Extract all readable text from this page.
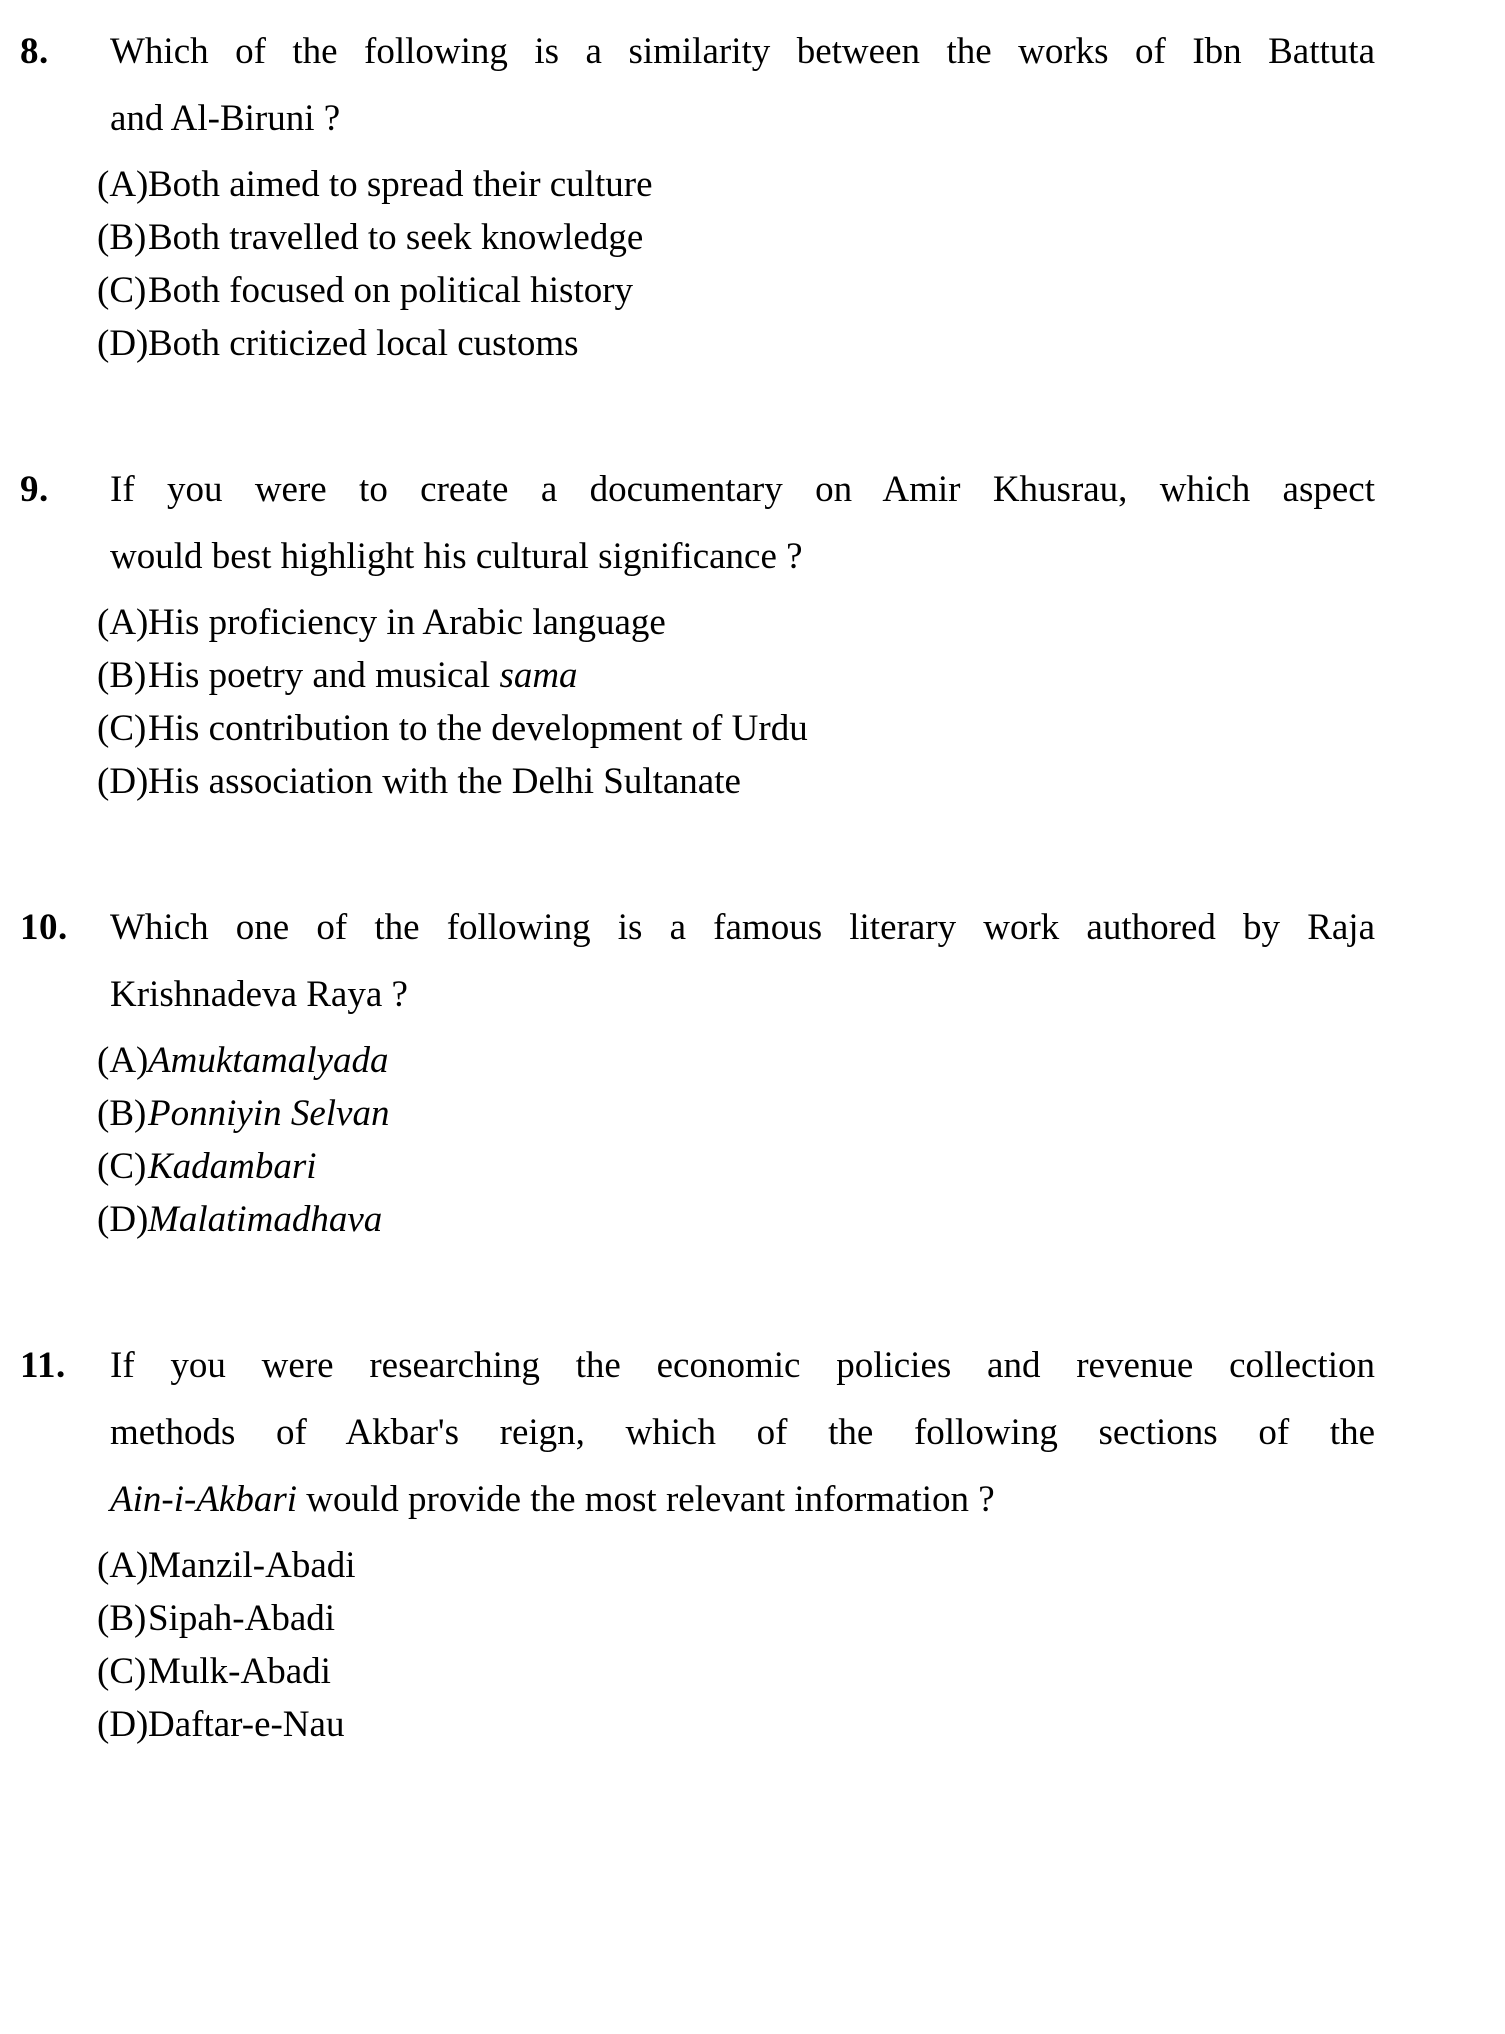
8.	Which of the following is a similarity between the works of Ibn Battuta
and Al-Biruni ?
(A) Both aimed to spread their culture
(B) Both travelled to seek knowledge
(C) Both focused on political history
(D) Both criticized local customs
9.	If you were to create a documentary on Amir Khusrau, which aspect
would best highlight his cultural significance ?
(A) His proficiency in Arabic language
(B) His poetry and musical sama
(C) His contribution to the development of Urdu
(D) His association with the Delhi Sultanate
10.	Which one of the following is a famous literary work authored by Raja
Krishnadeva Raya ?
(A) Amuktamalyada
(B) Ponniyin Selvan
(C) Kadambari
(D) Malatimadhava
11.	If you were researching the economic policies and revenue collection
methods of Akbar's reign, which of the following sections of the
Ain-i-Akbari would provide the most relevant information ?
(A) Manzil-Abadi
(B) Sipah-Abadi
(C) Mulk-Abadi
(D) Daftar-e-Nau
